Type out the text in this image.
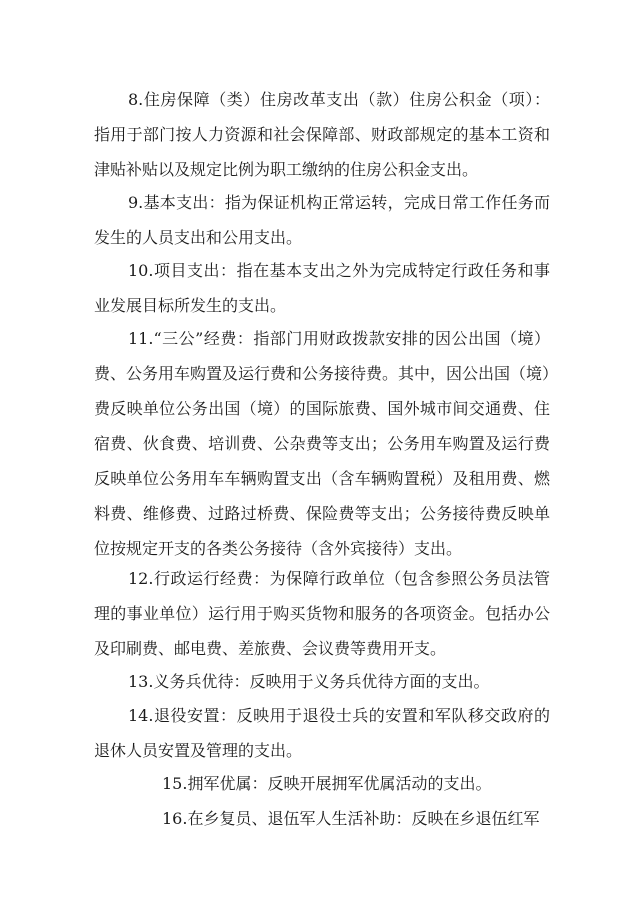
8.住房保障（类）住房改革支出（款）住房公积金（项）：指用于部门按人力资源和社会保障部、财政部规定的基本工资和津贴补贴以及规定比例为职工缴纳的住房公积金支出。

9.基本支出：指为保证机构正常运转，完成日常工作任务而发生的人员支出和公用支出。

10.项目支出：指在基本支出之外为完成特定行政任务和事业发展目标所发生的支出。

11.“三公”经费：指部门用财政拨款安排的因公出国（境）费、公务用车购置及运行费和公务接待费。其中，因公出国（境）费反映单位公务出国（境）的国际旅费、国外城市间交通费、住宿费、伙食费、培训费、公杂费等支出；公务用车购置及运行费反映单位公务用车车辆购置支出（含车辆购置税）及租用费、燃料费、维修费、过路过桥费、保险费等支出；公务接待费反映单位按规定开支的各类公务接待（含外宾接待）支出。

12.行政运行经费：为保障行政单位（包含参照公务员法管理的事业单位）运行用于购买货物和服务的各项资金。包括办公及印刷费、邮电费、差旅费、会议费等费用开支。

13.义务兵优待：反映用于义务兵优待方面的支出。

14.退役安置：反映用于退役士兵的安置和军队移交政府的退休人员安置及管理的支出。

15.拥军优属：反映开展拥军优属活动的支出。

16.在乡复员、退伍军人生活补助：反映在乡退伍红军
